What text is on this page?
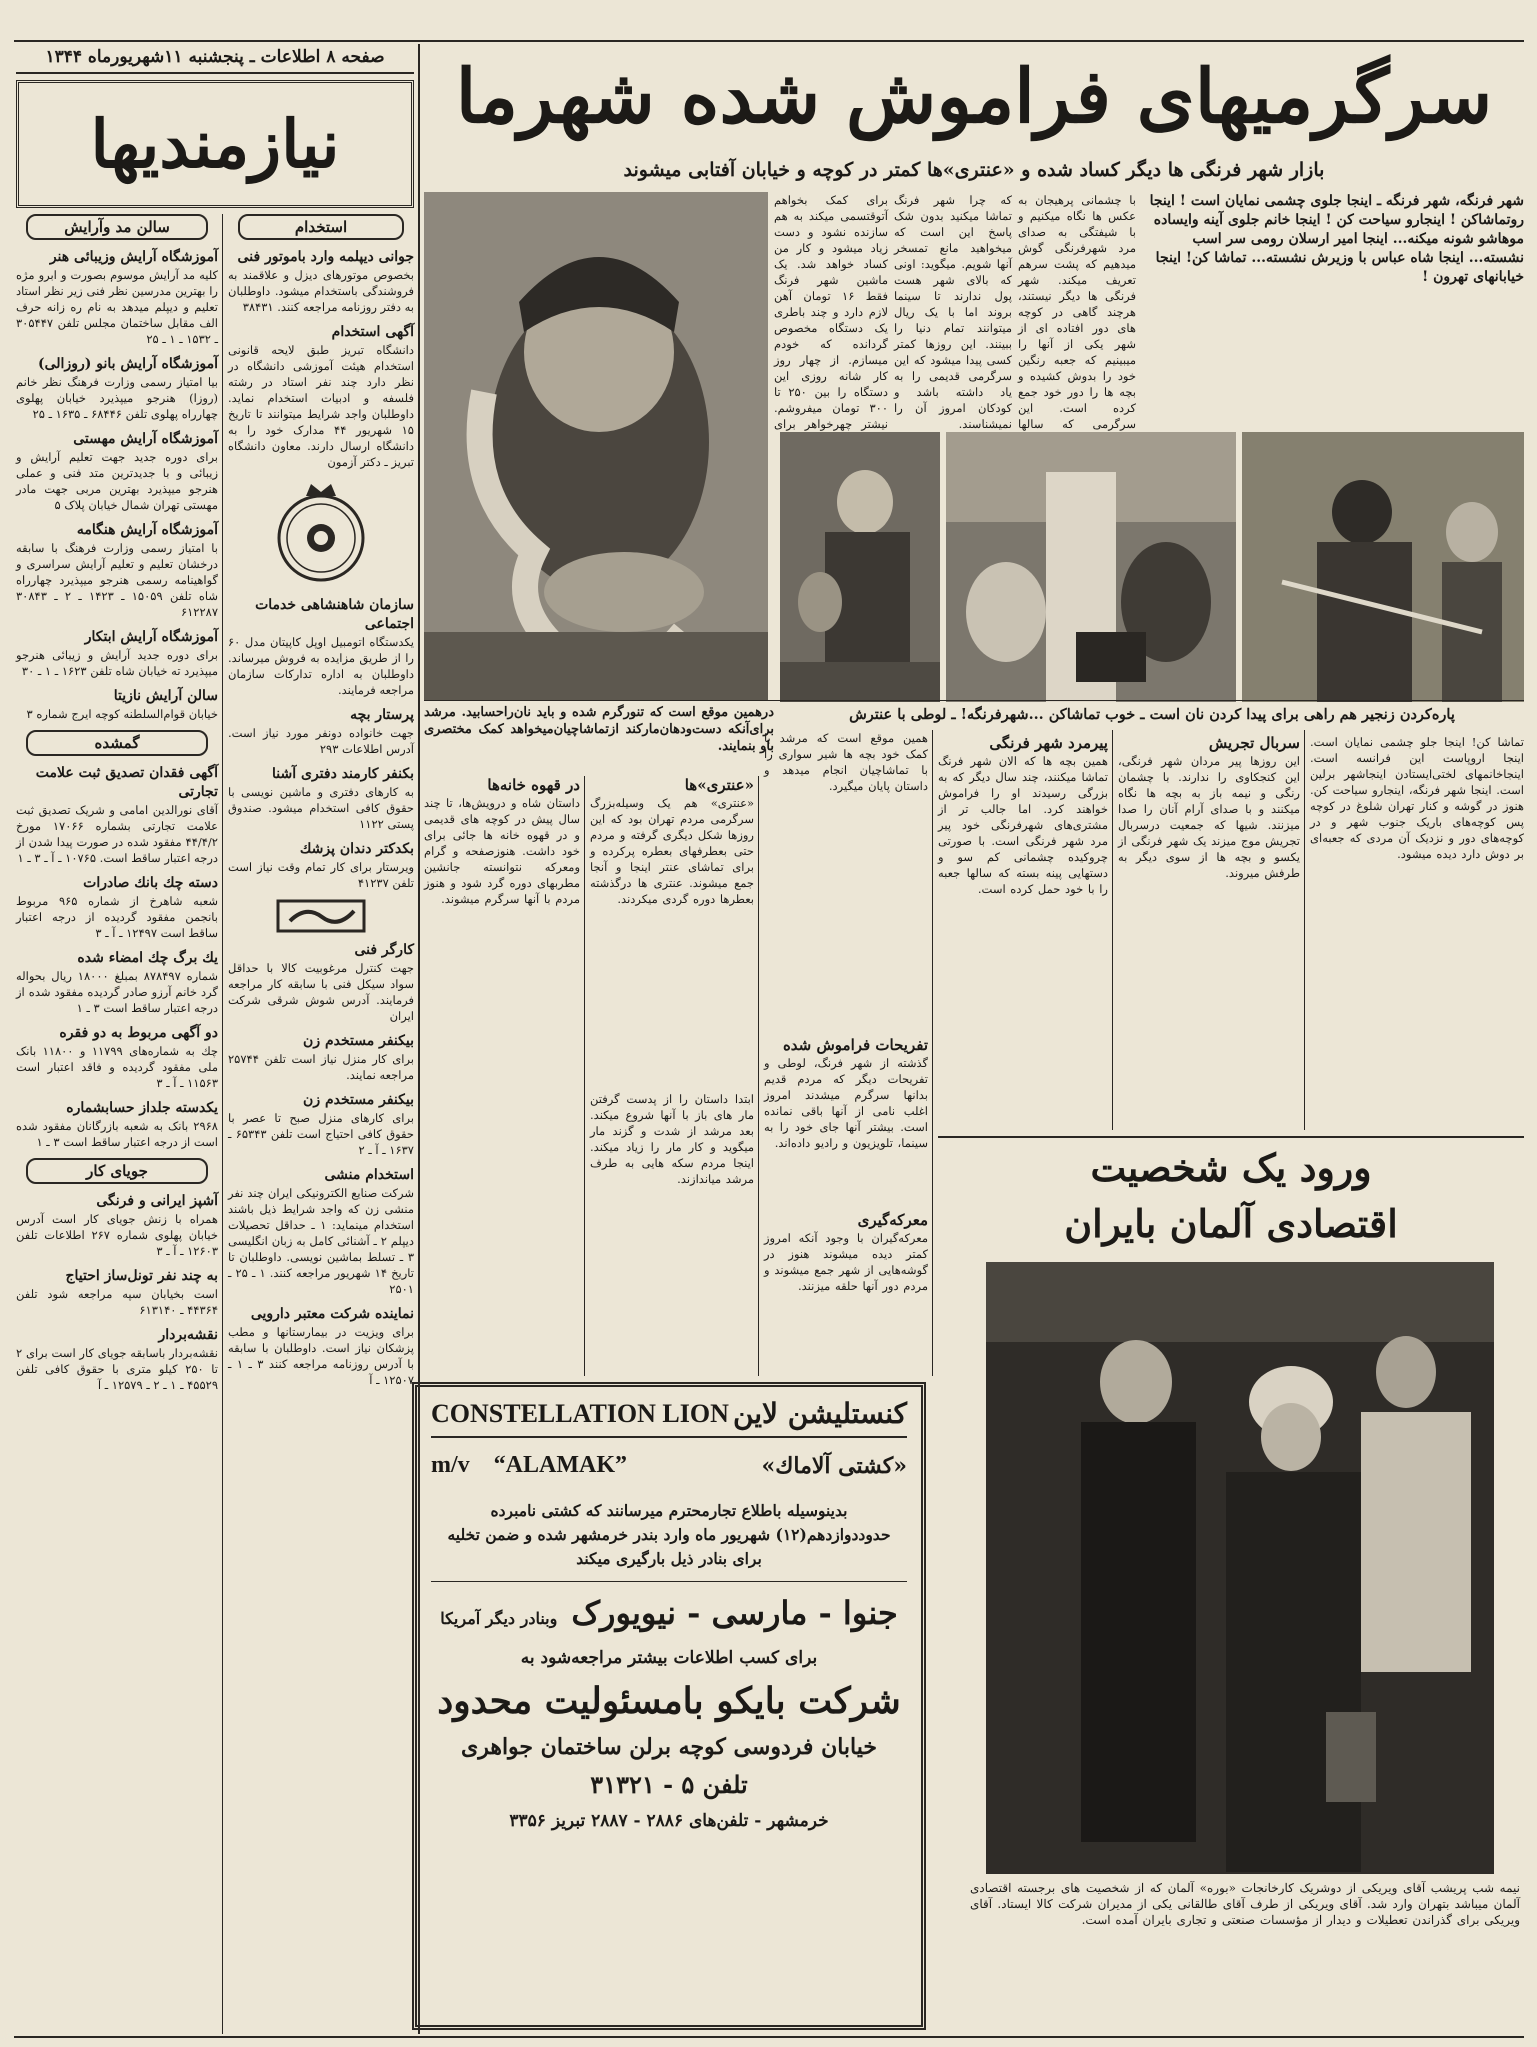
صفحه ۸ اطلاعات ـ پنجشنبه ۱۱شهریورماه ۱۳۴۴
نیازمندیها
سرگرمیهای فراموش شده شهرما
بازار شهر فرنگی ها دیگر کساد شده و «عنتری»ها کمتر در کوچه و خیابان آفتابی میشوند
سالن مد وآرایش
آموزشگاه آرایش وزیبائی هنر
کلیه مد آرایش موسوم بصورت و ابرو مژه را بهترین مدرسین نظر فنی زیر نظر استاد تعلیم و دیپلم میدهد به نام ره زانه حرف الف مقابل ساختمان مجلس تلفن ۳۰۵۴۴۷ ـ ۱۵۳۲ ـ ۱ ـ ۲۵
آموزشگاه آرایش بانو (روزالی)
بیا امتیاز رسمی وزارت فرهنگ نظر خانم (روزا) هنرجو میپذیرد خیابان پهلوی چهارراه پهلوی تلفن ۶۸۴۴۶ ـ ۱۶۳۵ ـ ۲۵
آموزشگاه آرایش مهستی
برای دوره جدید جهت تعلیم آرایش و زیبائی و با جدیدترین متد فنی و عملی هنرجو میپذیرد بهترین مربی جهت مادر مهستی تهران شمال خیابان پلاک ۵
آموزشگاه آرایش هنگامه
با امتیاز رسمی وزارت فرهنگ با سابقه درخشان تعلیم و تعلیم آرایش سراسری و گواهینامه رسمی هنرجو میپذیرد چهارراه شاه تلفن ۱۵۰۵۹ ـ ۱۴۲۳ ـ ۲ ـ ۳۰۸۴۳ ۶۱۲۲۸۷
آموزشگاه آرایش ابتکار
برای دوره جدید آرایش و زیبائی هنرجو میپذیرد ته خیابان شاه تلفن ۱۶۲۳ ـ ۱ ـ ۳۰
سالن آرایش نازیتا
خیابان قوام‌السلطنه کوچه ایرج شماره ۳
گمشده
آگهی فقدان تصدیق ثبت علامت تجارتی
آقای نورالدین امامی و شریک تصدیق ثبت علامت تجارتی بشماره ۱۷۰۶۶ مورخ ۴۴/۴/۲ مفقود شده در صورت پیدا شدن از درجه اعتبار ساقط است. ۱۰۷۶۵ ـ آ ـ ۳ ـ ۱
دسته چك بانك صادرات
شعبه شاهرخ از شماره ۹۶۵ مربوط بانجمن مفقود گردیده از درجه اعتبار ساقط است ۱۲۴۹۷ ـ آ ـ ۳
یك برگ چك امضاء شده
شماره ۸۷۸۴۹۷ بمبلغ ۱۸۰۰۰ ریال بحواله گرد خانم آرزو صادر گردیده مفقود شده از درجه اعتبار ساقط است ۳ ـ ۱
دو آگهی مربوط به دو فقره
چك به شماره‌های ۱۱۷۹۹ و ۱۱۸۰۰ بانک ملی مفقود گردیده و فاقد اعتبار است ۱۱۵۶۳ ـ آ ـ ۳
یکدسته جلداز حسابشماره
۲۹۶۸ بانک به شعبه بازرگانان مفقود شده است از درجه اعتبار ساقط است ۳ ـ ۱
جویای کار
آشپز ایرانی و فرنگی
همراه با زنش جویای کار است آدرس خیابان پهلوی شماره ۲۶۷ اطلاعات تلفن ۱۲۶۰۳ ـ آ ـ ۳
به چند نفر تونل‌ساز احتیاج
است بخیابان سپه مراجعه شود تلفن ۴۴۳۶۴ ـ ۶۱۳۱۴۰
نقشه‌بردار
نقشه‌بردار باسابقه جویای کار است برای ۲ تا ۲۵۰ کیلو متری با حقوق کافی تلفن ۴۵۵۲۹ ـ ۱ ـ ۲ ـ ۱۲۵۷۹ ـ آ
استخدام
جوانی دیپلمه وارد باموتور فنی
بخصوص موتورهای دیزل و علاقمند به فروشندگی باستخدام میشود. داوطلبان به دفتر روزنامه مراجعه کنند. ۳۸۴۳۱
آگهی استخدام
دانشگاه تبریز طبق لایحه قانونی استخدام هیئت آموزشی دانشگاه در نظر دارد چند نفر استاد در رشته فلسفه و ادبیات استخدام نماید. داوطلبان واجد شرایط میتوانند تا تاریخ ۱۵ شهریور ۴۴ مدارک خود را به دانشگاه ارسال دارند. معاون دانشگاه تبریز ـ دکتر آزمون
سازمان شاهنشاهی خدمات اجتماعی
یکدستگاه اتومبیل اوپل کاپیتان مدل ۶۰ را از طریق مزایده به فروش میرساند. داوطلبان به اداره تدارکات سازمان مراجعه فرمایند.
پرستار بچه
جهت خانواده دونفر مورد نیاز است. آدرس اطلاعات ۲۹۳
بکنفر کارمند دفتری آشنا
به کارهای دفتری و ماشین نویسی با حقوق کافی استخدام میشود. صندوق پستی ۱۱۲۲
بکدکتر دندان پزشك
ویرستار برای کار تمام وقت نیاز است تلفن ۴۱۲۳۷
کارگر فنی
جهت کنترل مرغوبیت کالا با حداقل سواد سیکل فنی با سابقه کار مراجعه فرمایند. آدرس شوش شرقی شرکت ایران
بیکنفر مستخدم زن
برای کار منزل نیاز است تلفن ۲۵۷۴۴ مراجعه نمایند.
بیکنفر مستخدم زن
برای کارهای منزل صبح تا عصر با حقوق کافی احتیاج است تلفن ۶۵۳۴۳ ـ ۱۶۳۷ ـ آ ـ ۲
استخدام منشی
شرکت صنایع الکترونیکی ایران چند نفر منشی زن که واجد شرایط ذیل باشند استخدام مینماید: ۱ ـ حداقل تحصیلات دیپلم ۲ ـ آشنائی کامل به زبان انگلیسی ۳ ـ تسلط بماشین نویسی. داوطلبان تا تاریخ ۱۴ شهریور مراجعه کنند. ۱ ـ ۲۵ ـ ۲۵۰۱
نماینده شرکت معتبر دارویی
برای ویزیت در بیمارستانها و مطب پزشکان نیاز است. داوطلبان با سابقه با آدرس روزنامه مراجعه کنند ۳ ـ ۱ ـ ۱۲۵۰۷ ـ آ
برای کمک بخواهم آتوقتسمی میکند به هم سازنده نشود و دست زیاد میشود و کار من کساد خواهد شد. یک ماشین شهر فرنگ فقط ۱۶ تومان آهن لازم دارد و چند باطری یک دستگاه مخصوص گردانده که خودم میسازم. از چهار روز کار شانه روزی این دستگاه را بین ۲۵۰ تا ۳۰۰ تومان میفروشم. نیشتر چهرخواهر برای
که چرا شهر فرنگ تماشا میکنید بدون شک پاسخ این است که میخواهید مانع تمسخر آنها شویم. میگوید: اونی که بالای شهر هست پول ندارند تا سینما بروند اما با یک ریال میتوانند تمام دنیا را ببینند. این روزها کمتر کسی پیدا میشود که این سرگرمی قدیمی را به یاد داشته باشد و کودکان امروز آن را نمیشناسند.
با چشمانی پرهیجان به عکس ها نگاه میکنیم و با شیفتگی به صدای مرد شهرفرنگی گوش میدهیم که پشت سرهم تعریف میکند. شهر فرنگی ها دیگر نیستند، هرچند گاهی در کوچه های دور افتاده ای از شهر یکی از آنها را میبینیم که جعبه رنگین خود را بدوش کشیده و بچه ها را دور خود جمع کرده است. این سرگرمی که سالها
شهر فرنگه، شهر فرنگه ـ اینجا جلوی چشمی نمایان است ! اینجا روتماشاکن ! اینجارو سیاحت کن ! اینجا خانم جلوی آینه وایساده موهاشو شونه میکنه... اینجا امیر ارسلان رومی سر اسب نشسته... اینجا شاه عباس با وزیرش نشسته... تماشا کن! اینجا خیابانهای تهرون !
درهمین موقع است که تنورگرم شده و باید نان‌راحسابید. مرشد برای‌آنکه دست‌ودهان‌مارکند ازتماشاچیان‌میخواهد کمک مختصری باو بنمایند.
پاره‌کردن زنجیر هم راهی برای پیدا کردن نان است ـ خوب تماشاکن ...شهرفرنگه! ـ لوطی با عنترش
تماشا کن! اینجا جلو چشمی نمایان است. اینجا اروپاست این فرانسه است. اینجاخانمهای لختی‌ایستادن اینجاشهر برلین است. اینجا شهر فرنگه، اینجارو سیاحت کن. هنوز در گوشه و کنار تهران شلوغ در کوچه پس کوچه‌های باریک جنوب شهر و در کوچه‌های دور و نزدیک آن مردی که جعبه‌ای بر دوش دارد دیده میشود.
سربال تجریش
این روزها پیر مردان شهر فرنگی، این کنجکاوی را ندارند. با چشمان رنگی و نیمه باز به بچه ها نگاه میکنند و با صدای آرام آنان را صدا میزنند. شیها که جمعیت درسربال تجریش موج میزند یک شهر فرنگی از یکسو و بچه ها از سوی دیگر به طرفش میروند.
پیرمرد شهر فرنگی
همین بچه ها که الان شهر فرنگ تماشا میکنند، چند سال دیگر که به بزرگی رسیدند او را فراموش خواهند کرد. اما جالب تر از مشتری‌های شهرفرنگی خود پیر مرد شهر فرنگی است. با صورتی چروکیده چشمانی کم سو و دستهایی پینه بسته که سالها جعبه را با خود حمل کرده است.
همین موقع است که مرشد با کمک خود بچه ها شیر سواری را با تماشاچیان انجام میدهد و داستان پایان میگیرد.
تفریحات فراموش شده
گذشته از شهر فرنگ، لوطی و تفریحات دیگر که مردم قدیم بدانها سرگرم میشدند امروز اغلب نامی از آنها باقی نمانده است. بیشتر آنها جای خود را به سینما، تلویزیون و رادیو داده‌اند.
معرکه‌گیری
معرکه‌گیران با وجود آنکه امروز کمتر دیده میشوند هنوز در گوشه‌هایی از شهر جمع میشوند و مردم دور آنها حلقه میزنند.
«عنتری»ها
«عنتری» هم یک وسیله‌بزرگ سرگرمی مردم تهران بود که این روزها شکل دیگری گرفته و مردم حتی بعطرفهای بعطره پرکرده و برای تماشای عنتر اینجا و آنجا جمع میشوند. عنتری ها درگذشته بعطرها دوره گردی میکردند.
ابتدا داستان را از پدست گرفتن مار های باز با آنها شروع میکند. بعد مرشد از شدت و گزند مار میگوید و کار مار را زیاد میکند. اینجا مردم سکه هایی به طرف مرشد میاندازند.
در قهوه خانه‌ها
داستان شاه و درویش‌ها، تا چند سال پیش در کوچه های قدیمی و در قهوه خانه ها جائی برای خود داشت. هنوزصفحه و گرام ومعرکه نتوانسته جانشین مطربهای دوره گرد شود و هنوز مردم با آنها سرگرم میشوند.
ورود یک شخصیت
اقتصادی آلمان بایران
نیمه شب پریشب آقای ویریکی از دوشریک کارخانجات «بوره» آلمان که از شخصیت های برجسته اقتصادی آلمان میباشد بتهران وارد شد. آقای ویریکی از طرف آقای طالقانی یکی از مدیران شرکت کالا ایستاد. آقای ویریکی برای گذراندن تعطیلات و دیدار از مؤسسات صنعتی و تجاری بایران آمده است.
CONSTELLATION LION کنستلیشن‌ لاین
m/v “ALAMAK”	«کشتی آلاماك»
بدینوسیله باطلاع تجارمحترم میرسانند که کشتی نامبرده حدوددوازدهم(۱۲) شهریور ماه وارد بندر خرمشهر شده و ضمن تخلیه برای بنادر ذیل بارگیری میکند
جنوا - مارسی - نیویورک
وبنادر دیگر آمریکا
برای کسب اطلاعات بیشتر مراجعه‌شود به
شرکت بایکو بامسئولیت محدود
خیابان فردوسی کوچه برلن ساختمان جواهری
تلفن ۵ - ۳۱۳۲۱
خرمشهر - تلفن‌های ۲۸۸۶ - ۲۸۸۷ تبریز ۳۳۵۶
